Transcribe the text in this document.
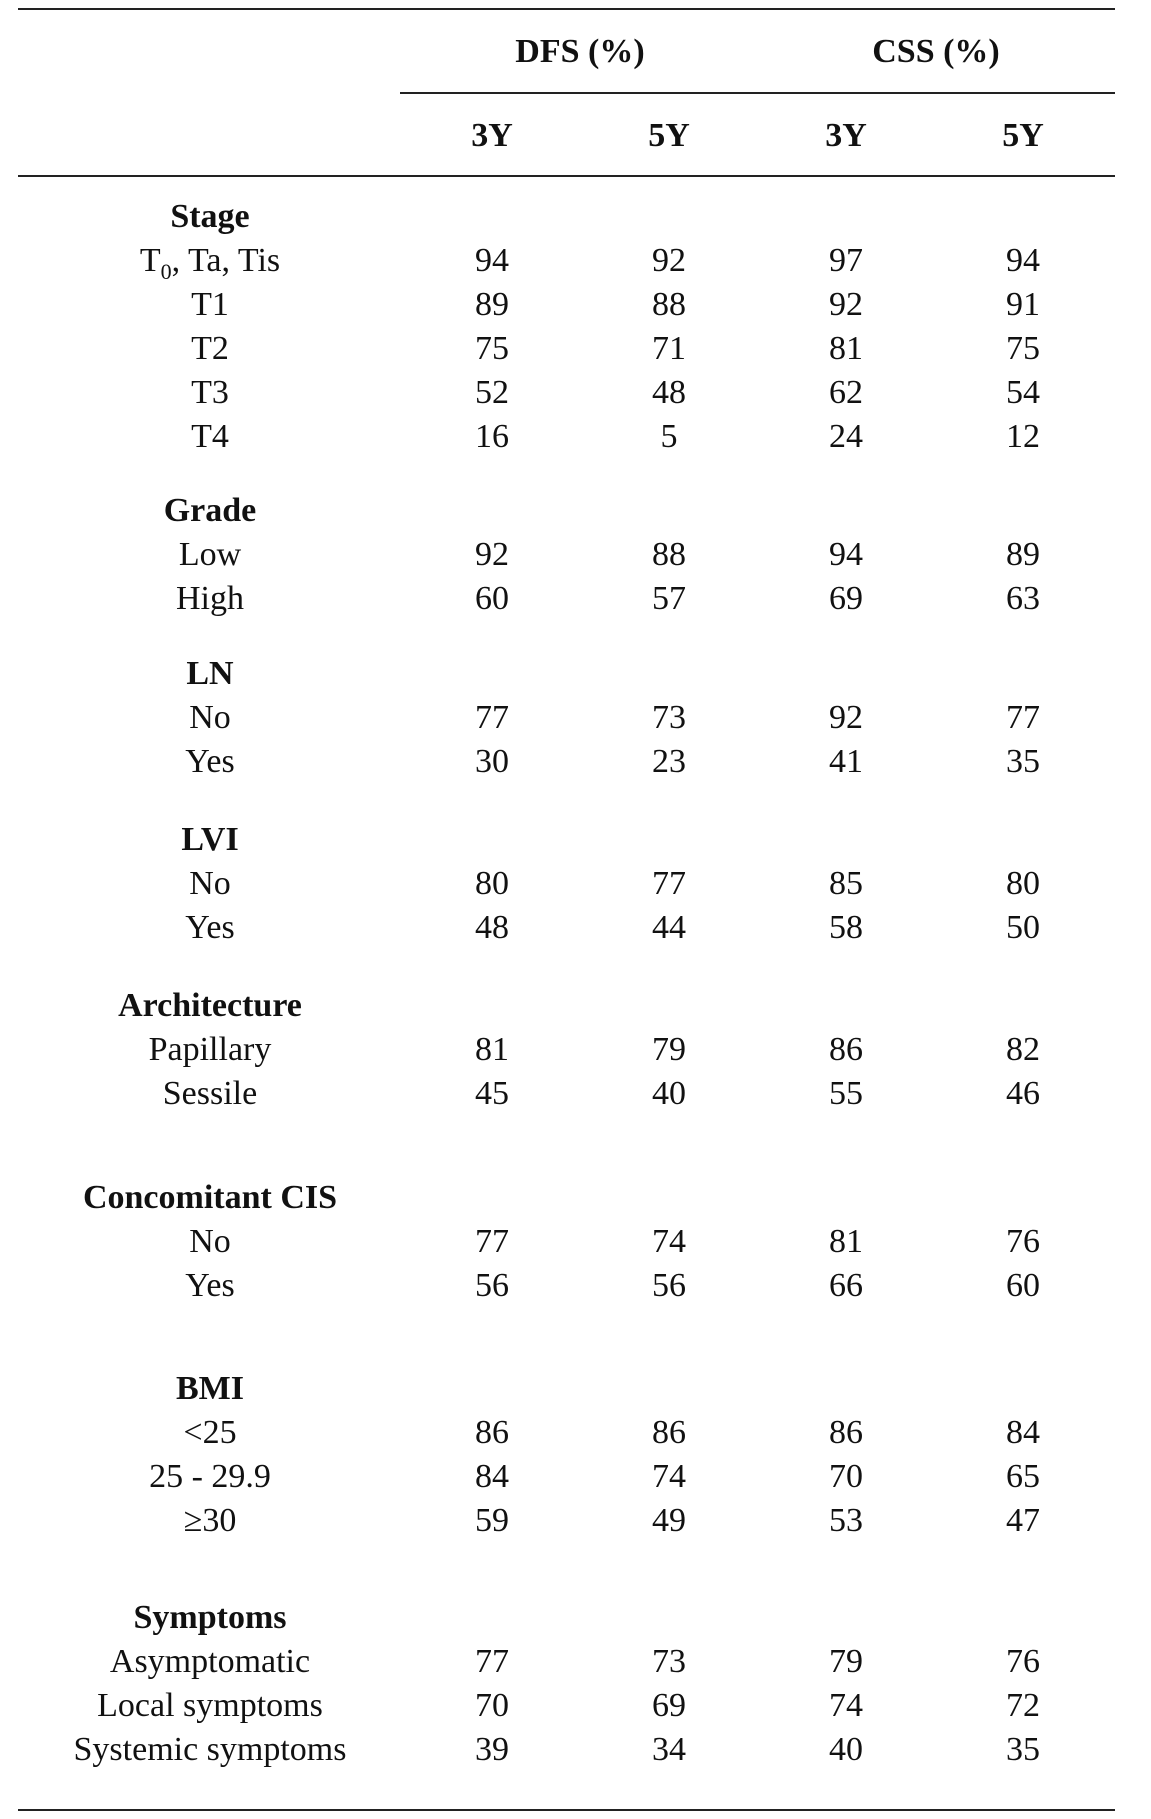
DFS (%)	CSS (%)
3Y	5Y	3Y	5Y
Stage
$T_0$, Ta, Tis	94	92	97	94
T1	89	88	92	91
T2	75	71	81	75
T3	52	48	62	54
T4	16	5	24	12
Grade
Low	92	88	94	89
High	60	57	69	63
LN
No	77	73	92	77
Yes	30	23	41	35
LVI
No	80	77	85	80
Yes	48	44	58	50
Architecture
Papillary	81	79	86	82
Sessile	45	40	55	46
Concomitant CIS
No	77	74	81	76
Yes	56	56	66	60
BMI
<25	86	86	86	84
25 - 29.9	84	74	70	65
≥30	59	49	53	47
Symptoms
Asymptomatic	77	73	79	76
Local symptoms	70	69	74	72
Systemic symptoms	39	34	40	35
